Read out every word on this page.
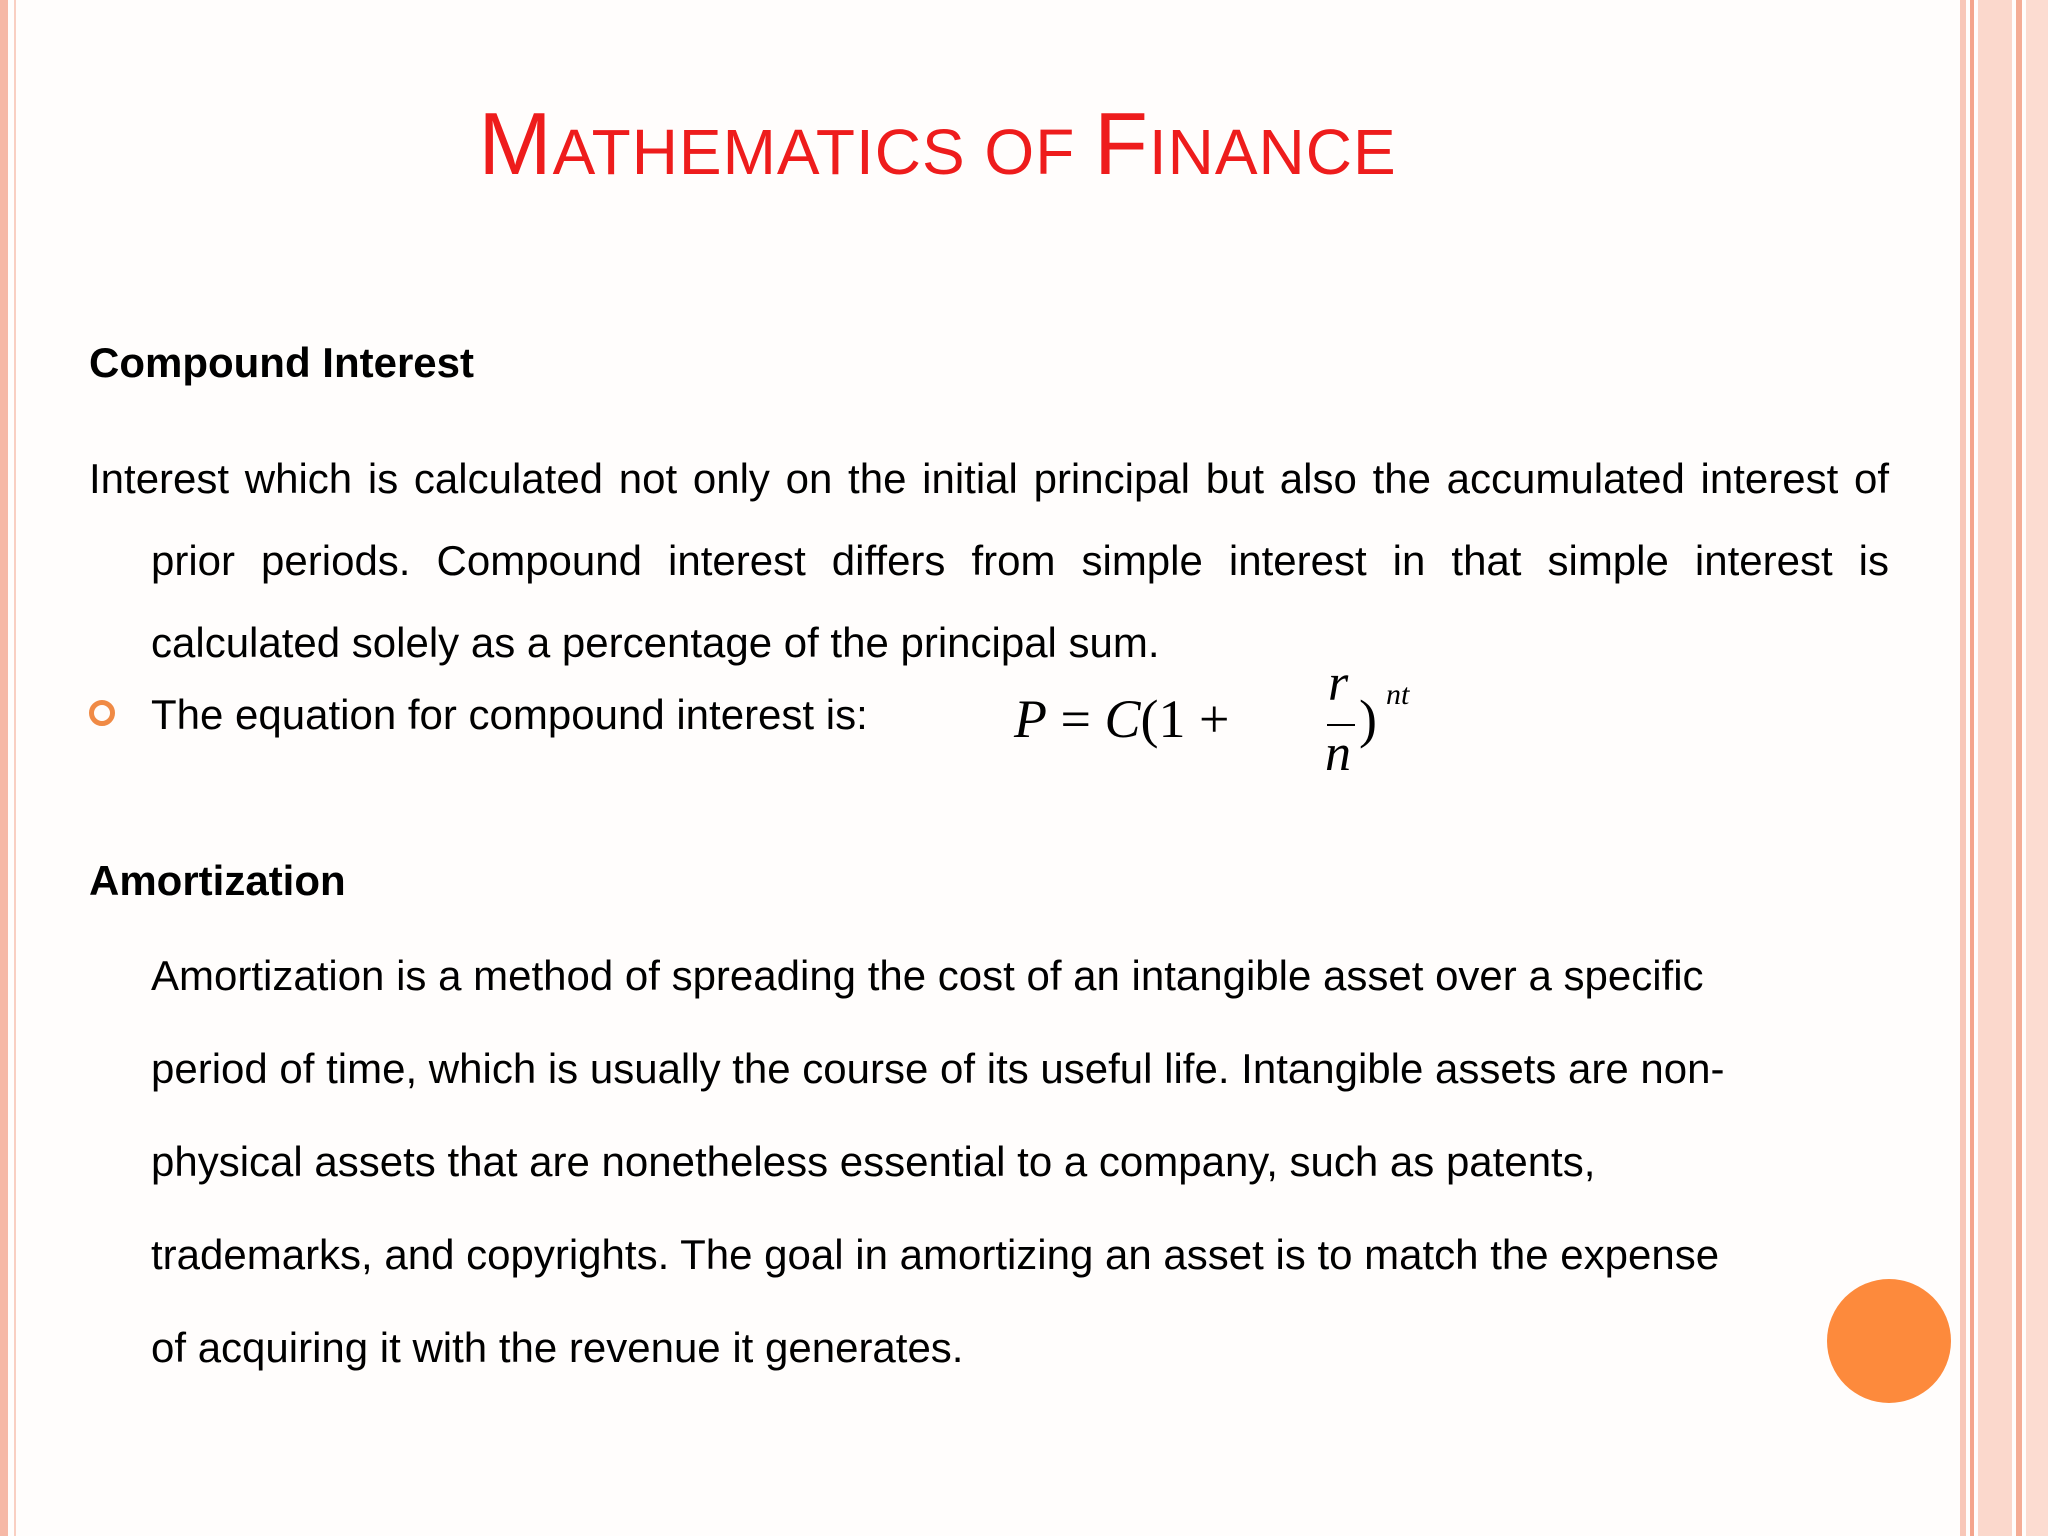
MATHEMATICS OF FINANCE
Compound Interest

Interest which is calculated not only on the initial principal but also the accumulated interest of prior periods. Compound interest differs from simple interest in that simple interest is calculated solely as a percentage of the principal sum.

The equation for compound interest is:	P = C(1 +
r
n
) nt
Amortization
Amortization is a method of spreading the cost of an intangible asset over a specific
period of time, which is usually the course of its useful life. Intangible assets are non-
physical assets that are nonetheless essential to a company, such as patents,
trademarks, and copyrights. The goal in amortizing an asset is to match the expense
of acquiring it with the revenue it generates.
